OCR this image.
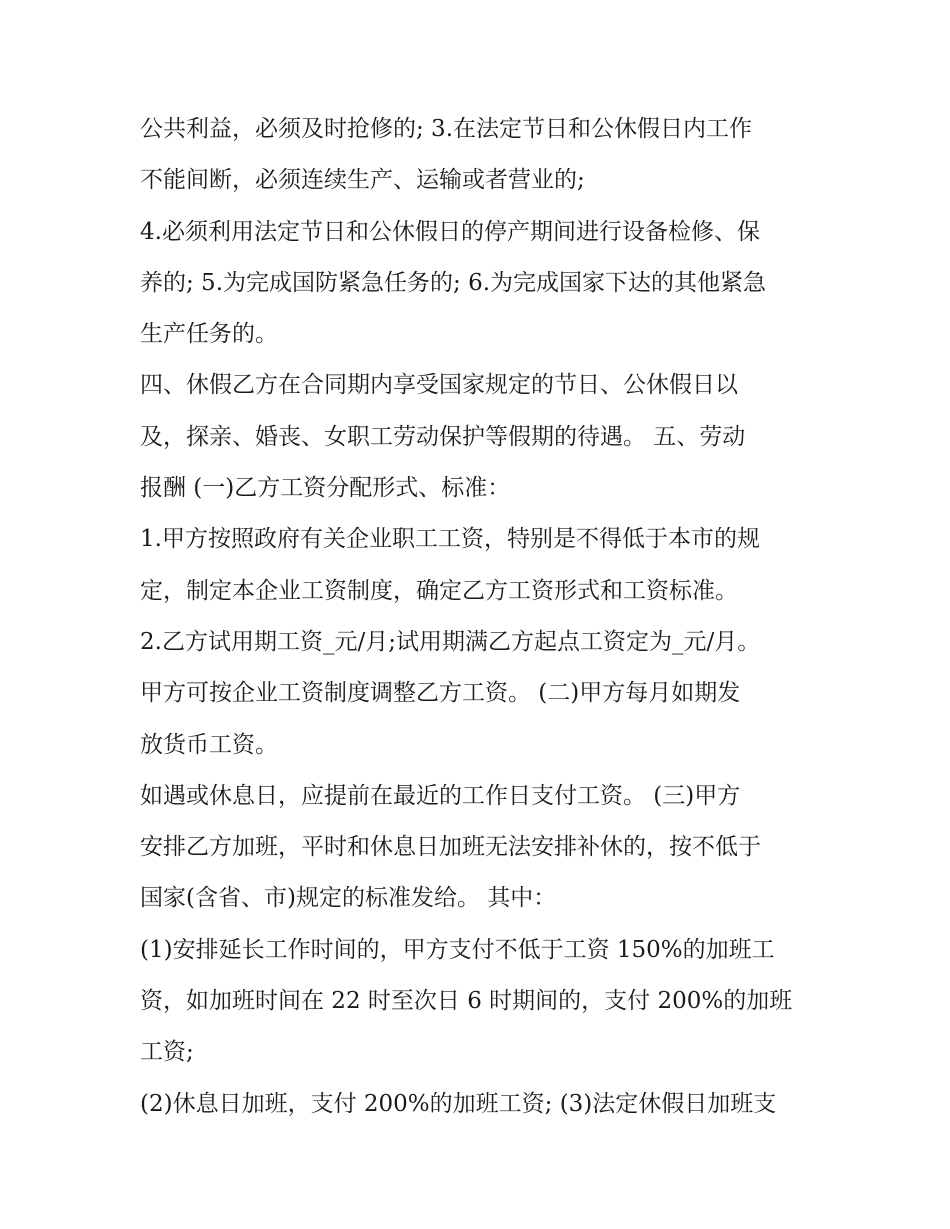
公共利益，必须及时抢修的; 3.在法定节日和公休假日内工作
不能间断，必须连续生产、运输或者营业的;
4.必须利用法定节日和公休假日的停产期间进行设备检修、保
养的; 5.为完成国防紧急任务的; 6.为完成国家下达的其他紧急
生产任务的。
四、休假乙方在合同期内享受国家规定的节日、公休假日以
及，探亲、婚丧、女职工劳动保护等假期的待遇。 五、劳动
报酬 (一)乙方工资分配形式、标准：
1.甲方按照政府有关企业职工工资，特别是不得低于本市的规
定，制定本企业工资制度，确定乙方工资形式和工资标准。
2.乙方试用期工资_元/月;试用期满乙方起点工资定为_元/月。
甲方可按企业工资制度调整乙方工资。 (二)甲方每月如期发
放货币工资。
如遇或休息日，应提前在最近的工作日支付工资。 (三)甲方
安排乙方加班，平时和休息日加班无法安排补休的，按不低于
国家(含省、市)规定的标准发给。 其中：
(1)安排延长工作时间的，甲方支付不低于工资 150%的加班工
资，如加班时间在 22 时至次日 6 时期间的，支付 200%的加班
工资;
(2)休息日加班，支付 200%的加班工资; (3)法定休假日加班支
